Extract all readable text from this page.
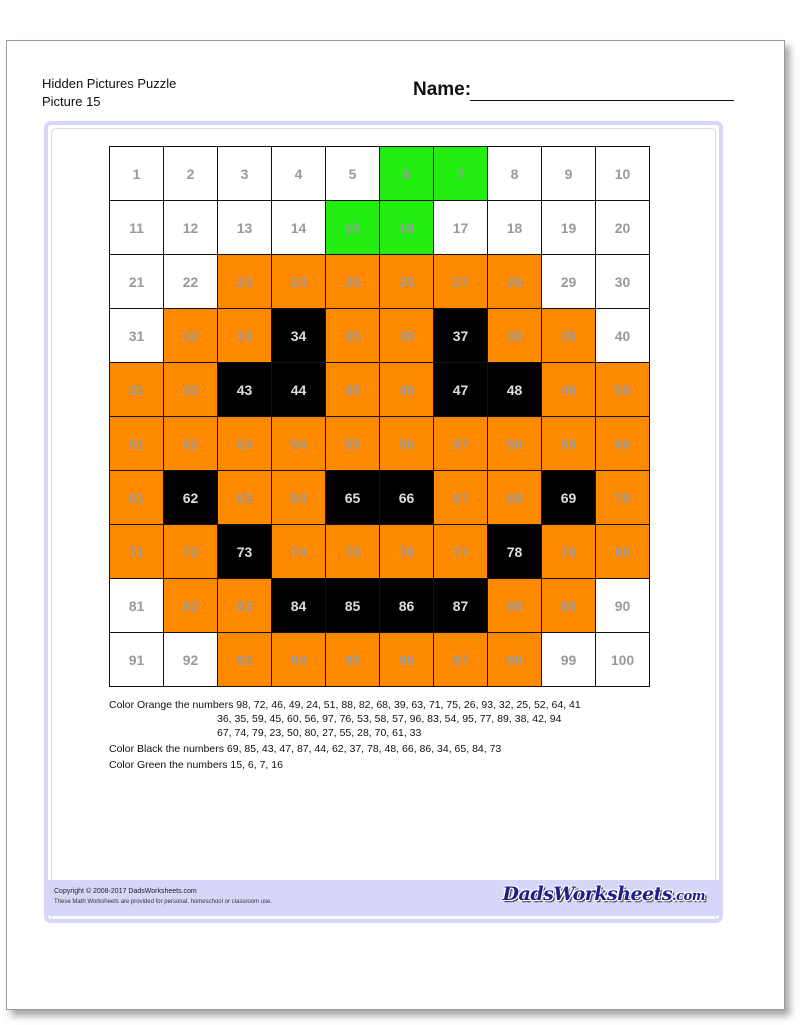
Hidden Pictures Puzzle
Picture 15
Name:
1	2	3	4	5	6	7	8	9	10
11	12	13	14	15	16	17	18	19	20
21	22	23	24	25	26	27	28	29	30
31	32	33	34	35	36	37	38	39	40
41	42	43	44	45	46	47	48	49	50
51	52	53	54	55	56	57	58	59	60
61	62	63	64	65	66	67	68	69	70
71	72	73	74	75	76	77	78	79	80
81	82	83	84	85	86	87	88	89	90
91	92	93	94	95	96	97	98	99	100
Color Orange the numbers 98, 72, 46, 49, 24, 51, 88, 82, 68, 39, 63, 71, 75, 26, 93, 32, 25, 52, 64, 41
36, 35, 59, 45, 60, 56, 97, 76, 53, 58, 57, 96, 83, 54, 95, 77, 89, 38, 42, 94
67, 74, 79, 23, 50, 80, 27, 55, 28, 70, 61, 33
Color Black the numbers 69, 85, 43, 47, 87, 44, 62, 37, 78, 48, 66, 86, 34, 65, 84, 73
Color Green the numbers 15, 6, 7, 16
Copyright © 2008-2017 DadsWorksheets.com
These Math Worksheets are provided for personal, homeschool or classroom use.	DadsWorksheets.com
